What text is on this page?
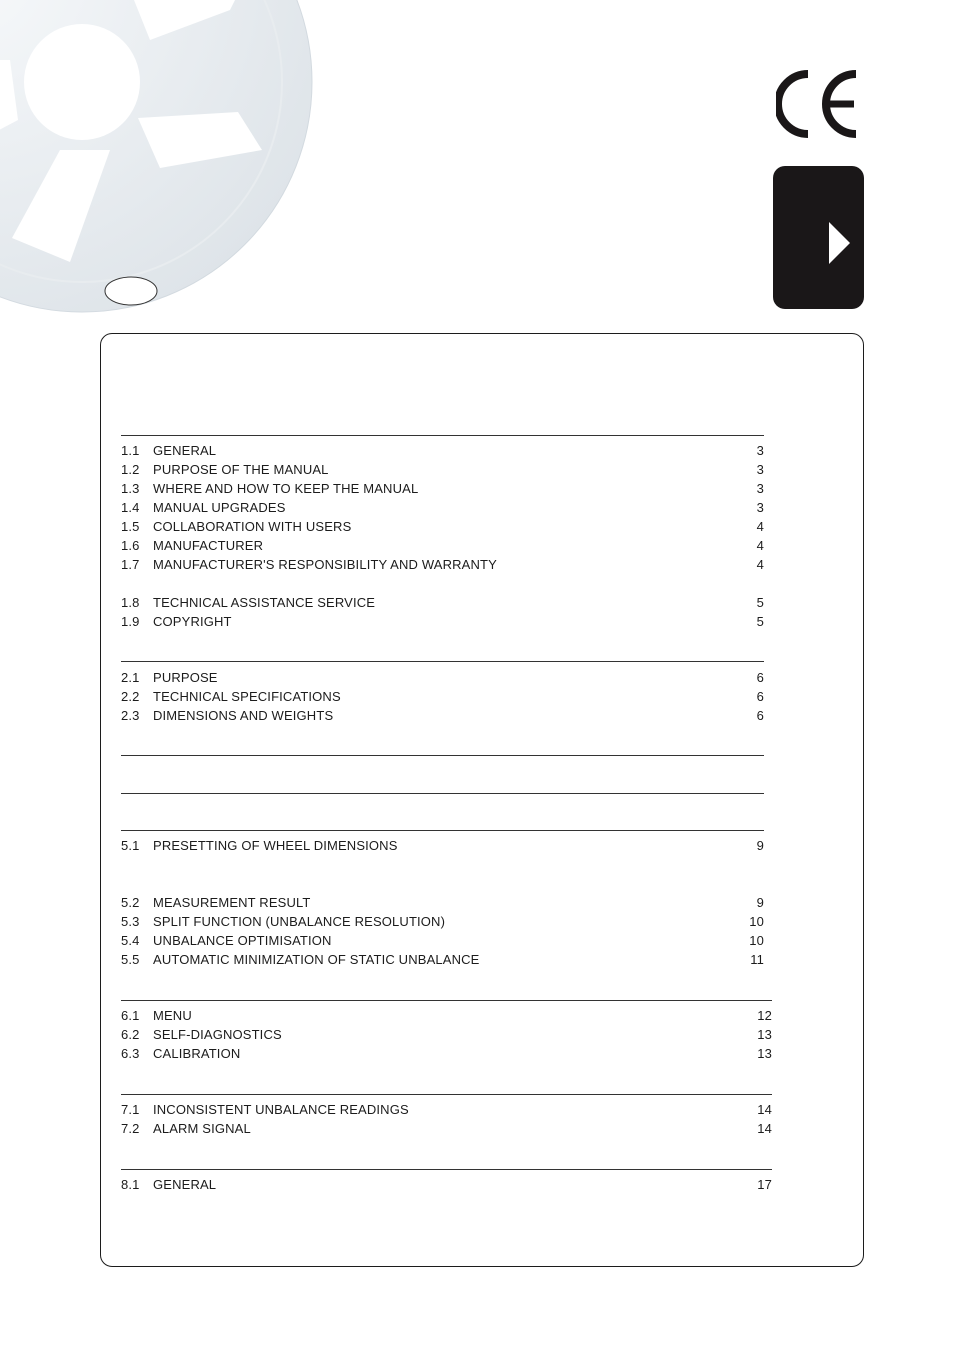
1.1 GENERAL	3
1.2 PURPOSE OF THE MANUAL	3
1.3 WHERE AND HOW TO KEEP THE MANUAL	3
1.4 MANUAL UPGRADES	3
1.5 COLLABORATION WITH USERS	4
1.6 MANUFACTURER	4
1.7 MANUFACTURER'S RESPONSIBILITY AND WARRANTY	4
1.8 TECHNICAL ASSISTANCE SERVICE	5
1.9 COPYRIGHT	5
2.1 PURPOSE	6
2.2 TECHNICAL SPECIFICATIONS	6
2.3 DIMENSIONS AND WEIGHTS	6
5.1 PRESETTING OF WHEEL DIMENSIONS	9
5.2 MEASUREMENT RESULT	9
5.3 SPLIT FUNCTION (UNBALANCE RESOLUTION)	10
5.4 UNBALANCE OPTIMISATION	10
5.5 AUTOMATIC MINIMIZATION OF STATIC UNBALANCE	11
6.1 MENU	12
6.2 SELF-DIAGNOSTICS	13
6.3 CALIBRATION	13
7.1 INCONSISTENT UNBALANCE READINGS	14
7.2 ALARM SIGNAL	14
8.1 GENERAL	17
